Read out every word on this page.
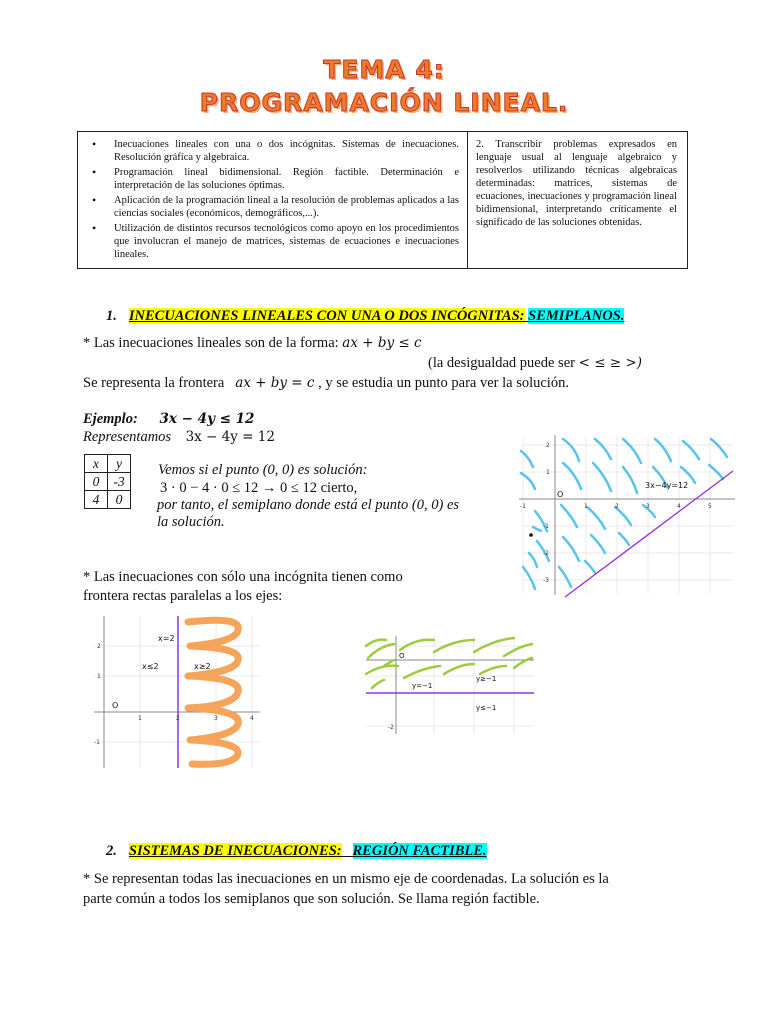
TEMA 4:
PROGRAMACIÓN LINEAL.
• Inecuaciones lineales con una o dos incógnitas. Sistemas de inecuaciones. Resolución gráfica y algebraica.
• Programación lineal bidimensional. Región factible. Determinación e interpretación de las soluciones óptimas.
• Aplicación de la programación lineal a la resolución de problemas aplicados a las ciencias sociales (económicos, demográficos,...).
• Utilización de distintos recursos tecnológicos como apoyo en los procedimientos que involucran el manejo de matrices, sistemas de ecuaciones e inecuaciones lineales.
2. Transcribir problemas expresados en lenguaje usual al lenguaje algebraico y resolverlos utilizando técnicas algebraicas determinadas: matrices, sistemas de ecuaciones, inecuaciones y programación lineal bidimensional, interpretando críticamente el significado de las soluciones obtenidas.
1. INECUACIONES LINEALES CON UNA O DOS INCÓGNITAS: SEMIPLANOS.
* Las inecuaciones lineales son de la forma: ax + by ≤ c
(la desigualdad puede ser < ≤ ≥ >)
Se representa la frontera ax + by = c , y se estudia un punto para ver la solución.
Ejemplo: 3x − 4y ≤ 12
Representamos 3x − 4y = 12
x	y
0	-3
4	0
Vemos si el punto (0, 0) es solución:
3 · 0 − 4 · 0 ≤ 12 → 0 ≤ 12 cierto,
por tanto, el semiplano donde está el punto (0, 0) es
la solución.
* Las inecuaciones con sólo una incógnita tienen como
frontera rectas paralelas a los ejes:
3x−4y=12
O
-1	1	2	3	4	5
2
1
-1
-2
-3
x=2
x≤2	x≥2
O
1	2	3	4
2
1
-1
O
y=−1
y≥−1
y≤−1
-2
2. SISTEMAS DE INECUACIONES: REGIÓN FACTIBLE.
* Se representan todas las inecuaciones en un mismo eje de coordenadas. La solución es la
parte común a todos los semiplanos que son solución. Se llama región factible.
